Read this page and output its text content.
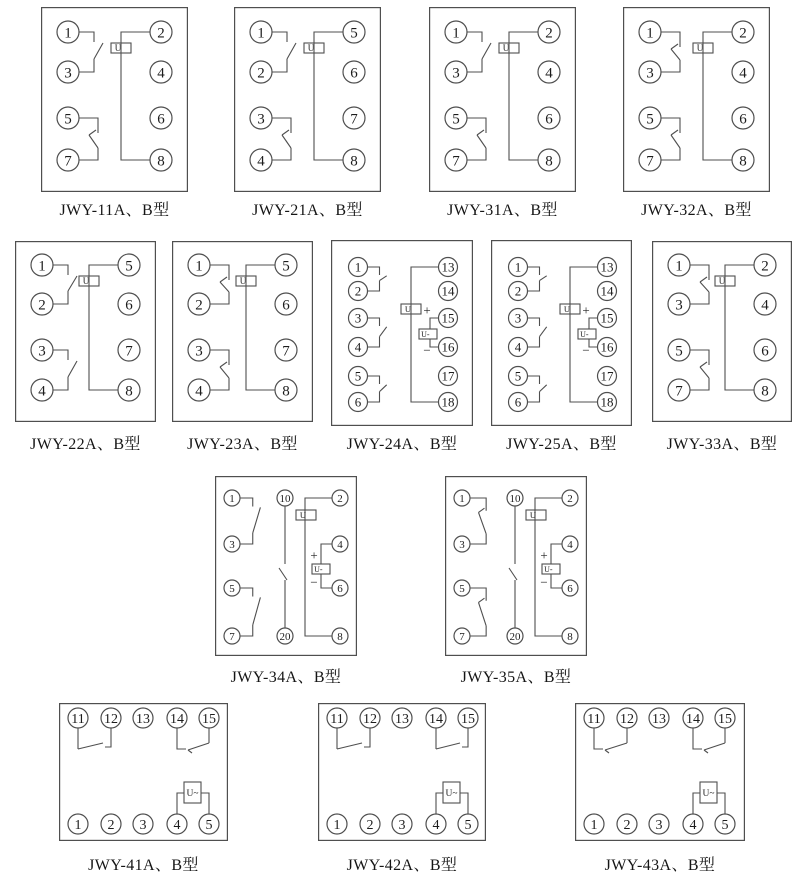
U
1	2
3	4
5	6
7	8
JWY-11A、B型
U
1	5
2	6
3	7
4	8
JWY-21A、B型
U
1	2
3	4
5	6
7	8
JWY-31A、B型
U
1	2
3	4
5	6
7	8
JWY-32A、B型
U
1	5
2	6
3	7
4	8
JWY-22A、B型
U
1	5
2	6
3	7
4	8
JWY-23A、B型
U
U-
+
−
1	13
2	14
3	15
4	16
5	17
6	18
JWY-24A、B型
U
U-
+
−
1	13
2	14
3	15
4	16
5	17
6	18
JWY-25A、B型
U
1	2
3	4
5	6
7	8
JWY-33A、B型
U
U-
+
−
1
3
5
7
10
20
2
4
6
8
JWY-34A、B型
U
U-
+
−
1
3
5
7
10
20
2
4
6
8
JWY-35A、B型
U~
11
1
12
2
13
3
14
4
15
5
JWY-41A、B型
U~
11
1
12
2
13
3
14
4
15
5
JWY-42A、B型
U~
11
1
12
2
13
3
14
4
15
5
JWY-43A、B型
